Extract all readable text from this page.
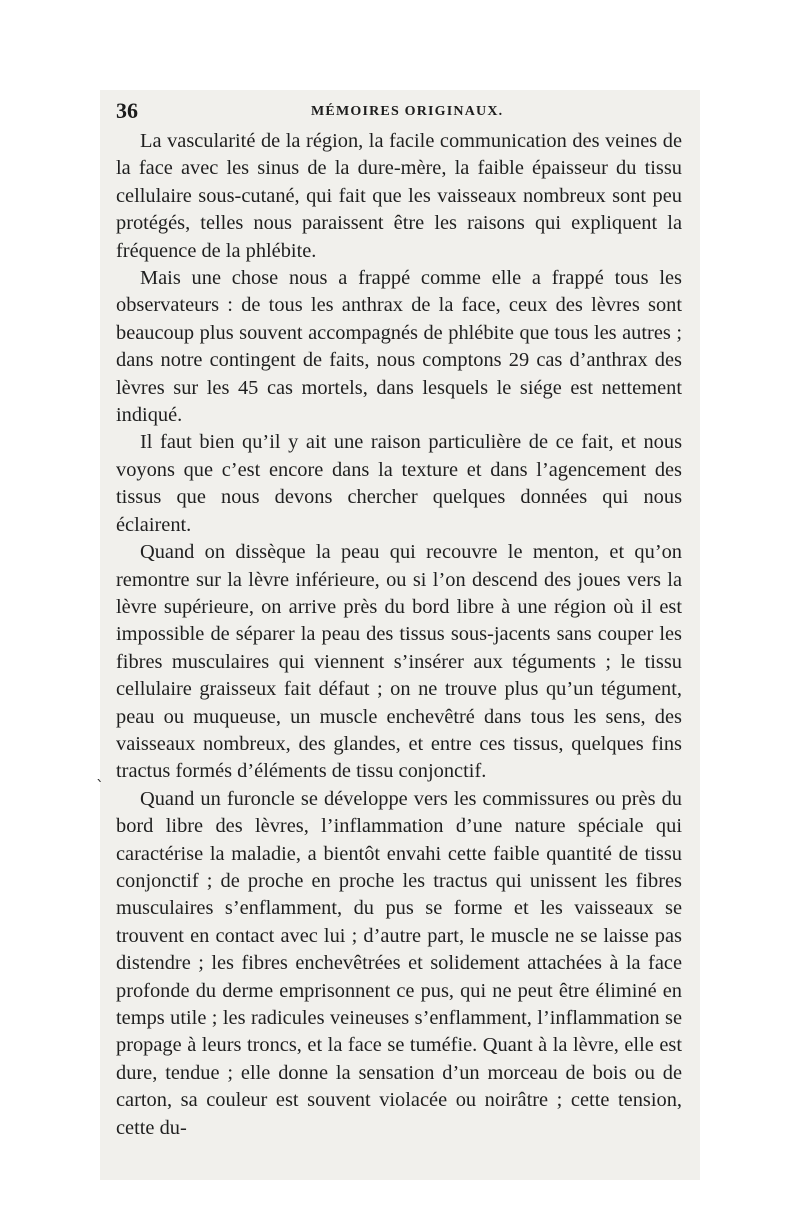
36	MÉMOIRES ORIGINAUX.

La vascularité de la région, la facile communication des veines de la face avec les sinus de la dure-mère, la faible épaisseur du tissu cellulaire sous-cutané, qui fait que les vaisseaux nombreux sont peu protégés, telles nous paraissent être les raisons qui expliquent la fréquence de la phlébite.

Mais une chose nous a frappé comme elle a frappé tous les observateurs : de tous les anthrax de la face, ceux des lèvres sont beaucoup plus souvent accompagnés de phlébite que tous les autres ; dans notre contingent de faits, nous comptons 29 cas d’anthrax des lèvres sur les 45 cas mortels, dans lesquels le siége est nettement indiqué.

Il faut bien qu’il y ait une raison particulière de ce fait, et nous voyons que c’est encore dans la texture et dans l’agencement des tissus que nous devons chercher quelques données qui nous éclairent.

Quand on dissèque la peau qui recouvre le menton, et qu’on remontre sur la lèvre inférieure, ou si l’on descend des joues vers la lèvre supérieure, on arrive près du bord libre à une région où il est impossible de séparer la peau des tissus sous-jacents sans couper les fibres musculaires qui viennent s’insérer aux téguments ; le tissu cellulaire graisseux fait défaut ; on ne trouve plus qu’un tégument, peau ou muqueuse, un muscle enchevêtré dans tous les sens, des vaisseaux nombreux, des glandes, et entre ces tissus, quelques fins tractus formés d’éléments de tissu conjonctif.

Quand un furoncle se développe vers les commissures ou près du bord libre des lèvres, l’inflammation d’une nature spéciale qui caractérise la maladie, a bientôt envahi cette faible quantité de tissu conjonctif ; de proche en proche les tractus qui unissent les fibres musculaires s’enflamment, du pus se forme et les vaisseaux se trouvent en contact avec lui ; d’autre part, le muscle ne se laisse pas distendre ; les fibres enchevêtrées et solidement attachées à la face profonde du derme emprisonnent ce pus, qui ne peut être éliminé en temps utile ; les radicules veineuses s’enflamment, l’inflammation se propage à leurs troncs, et la face se tuméfie. Quant à la lèvre, elle est dure, tendue ; elle donne la sensation d’un morceau de bois ou de carton, sa couleur est souvent violacée ou noirâtre ; cette tension, cette du-

`
